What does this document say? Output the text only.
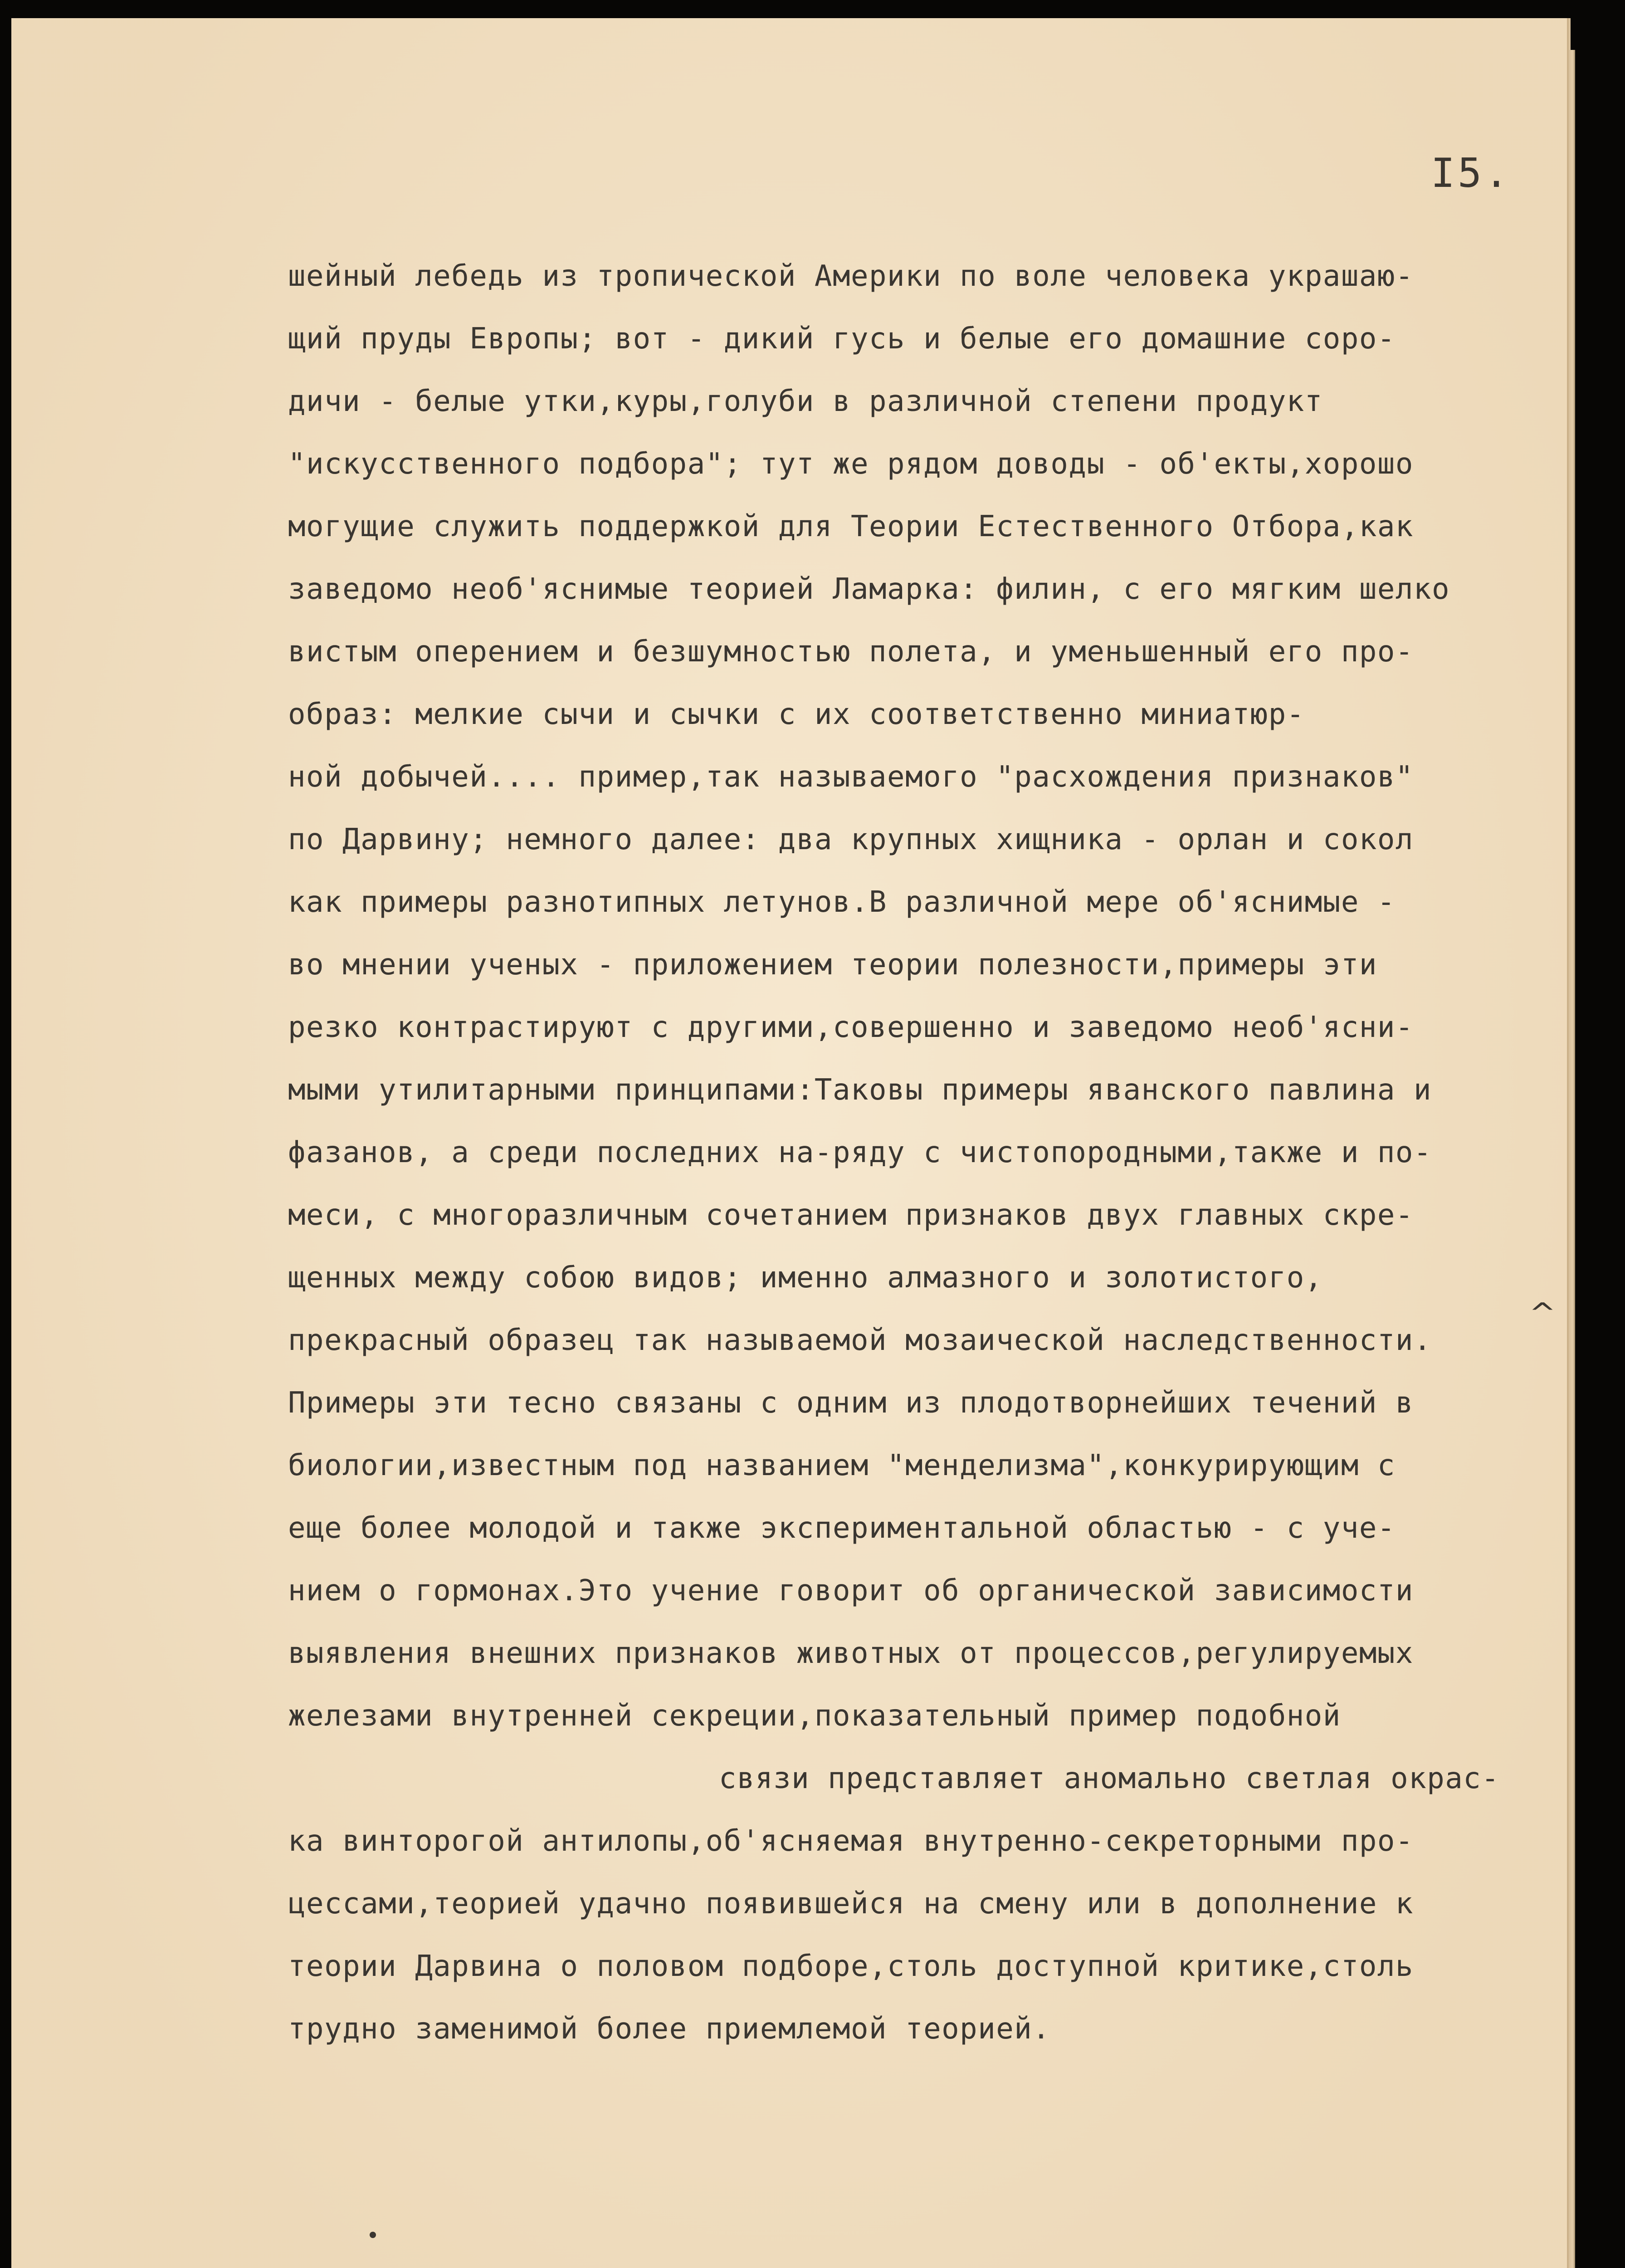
I5.
шейный лебедь из тропической Америки по воле человека украшаю-
щий пруды Европы; вот - дикий гусь и белые его домашние соро-
дичи - белые утки,куры,голуби в различной степени продукт
"искусственного подбора"; тут же рядом доводы - об'екты,хорошо
могущие служить поддержкой для Теории Естественного Отбора,как
заведомо необ'яснимые теорией Ламарка: филин, с его мягким шелко
вистым оперением и безшумностью полета, и уменьшенный его про-
образ: мелкие сычи и сычки с их соответственно миниатюр-
ной добычей.... пример,так называемого "расхождения признаков"
по Дарвину; немного далее: два крупных хищника - орлан и сокол
как примеры разнотипных летунов.В различной мере об'яснимые -
во мнении ученых - приложением теории полезности,примеры эти
резко контрастируют с другими,совершенно и заведомо необ'ясни-
мыми утилитарными принципами:Таковы примеры яванского павлина и
фазанов, а среди последних на-ряду с чистопородными,также и по-
меси, с многоразличным сочетанием признаков двух главных скре-
щенных между собою видов; именно алмазного и золотистого,
прекрасный образец так называемой мозаической наследственности.
Примеры эти тесно связаны с одним из плодотворнейших течений в
биологии,известным под названием "менделизма",конкурирующим с
еще более молодой и также экспериментальной областью - с уче-
нием о гормонах.Это учение говорит об органической зависимости
выявления внешних признаков животных от процессов,регулируемых
железами внутренней секреции,показательный пример подобной
связи представляет аномально светлая окрас-
ка винторогой антилопы,об'ясняемая внутренно-секреторными про-
цессами,теорией удачно появившейся на смену или в дополнение к
теории Дарвина о половом подборе,столь доступной критике,столь
трудно заменимой более приемлемой теорией.
^
